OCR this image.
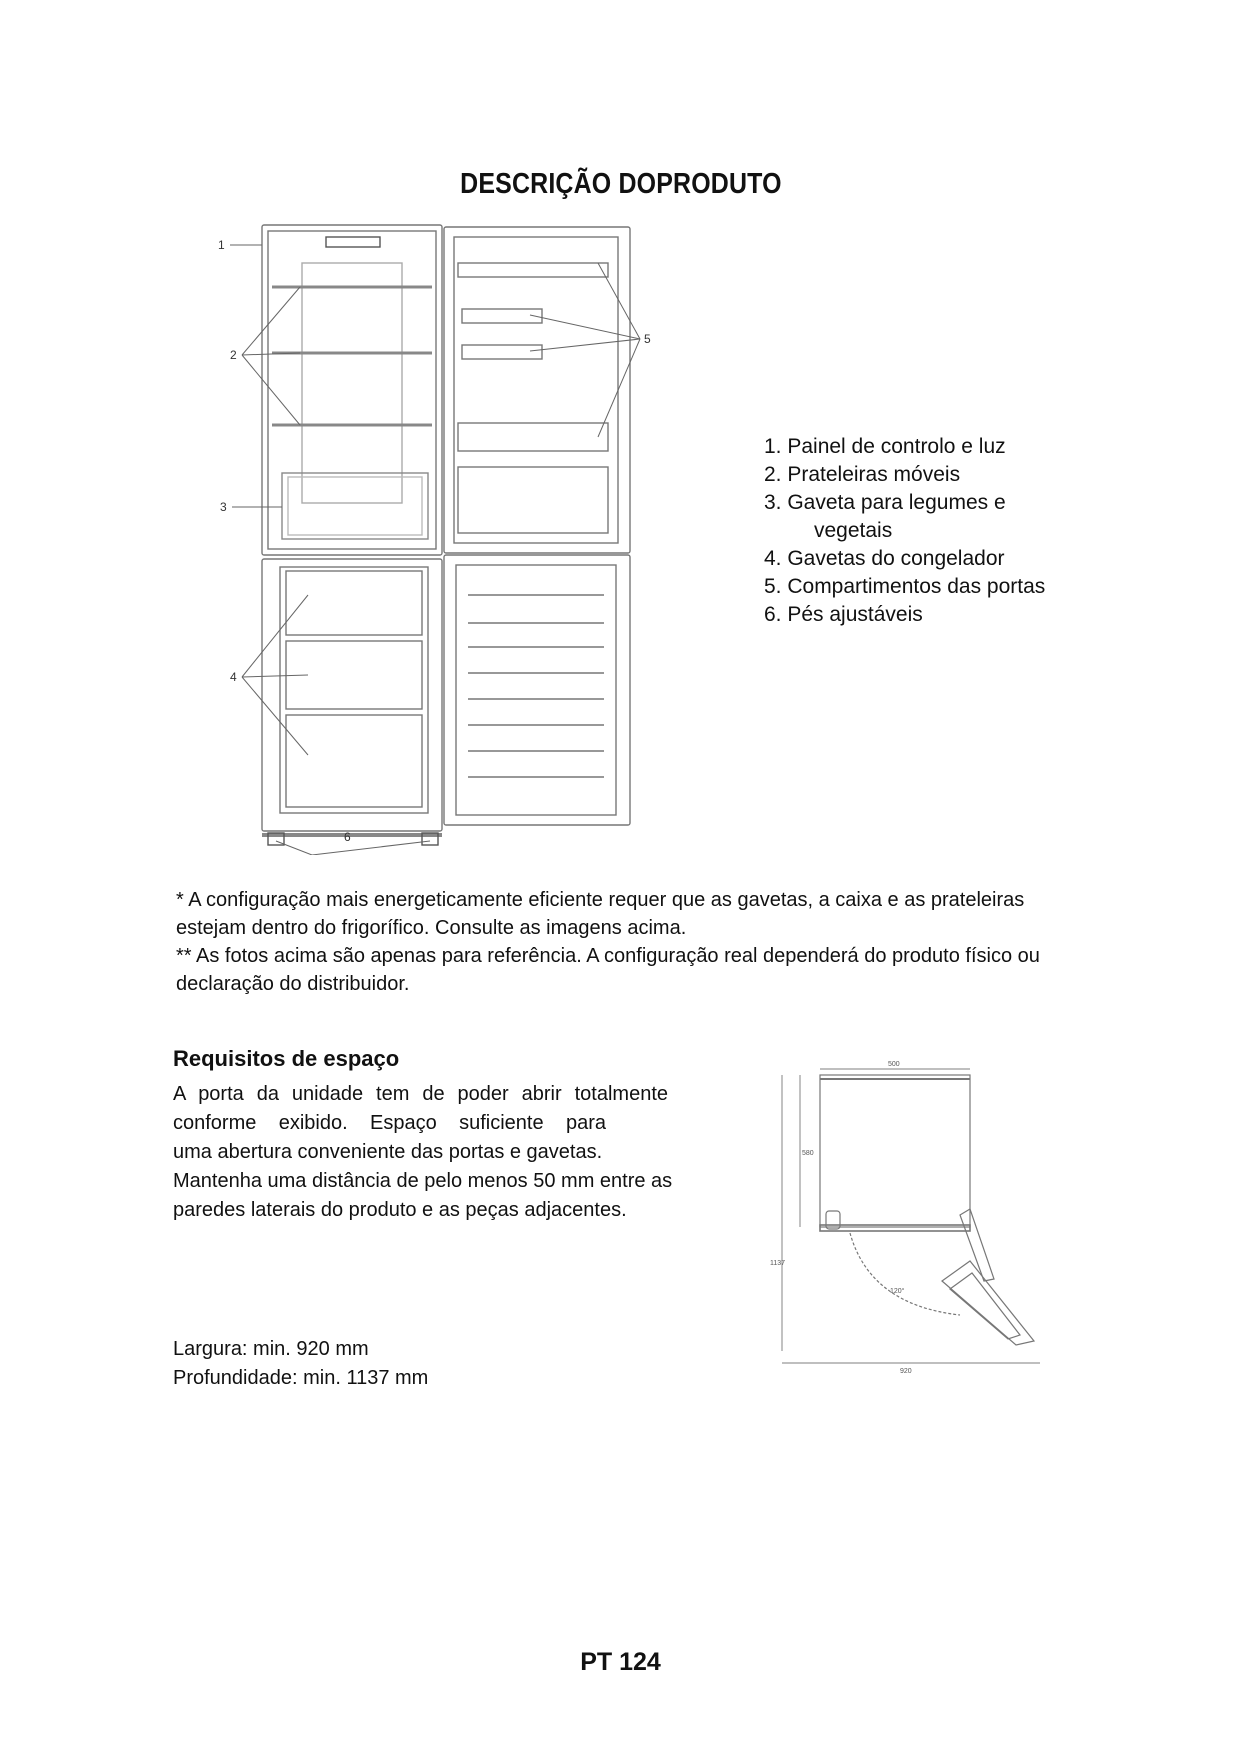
DESCRIÇÃO DOPRODUTO
1
2
3
4
5
6
1. Painel de controlo e luz
2. Prateleiras móveis
3. Gaveta para legumes e
vegetais
4. Gavetas do congelador
5. Compartimentos das portas
6. Pés ajustáveis

* A configuração mais energeticamente eficiente requer que as gavetas, a caixa e as prateleiras estejam dentro do frigorífico. Consulte as imagens acima.

** As fotos acima são apenas para referência. A configuração real dependerá do produto físico ou declaração do distribuidor.

Requisitos de espaço

A porta da unidade tem de poder abrir totalmente

conforme exibido. Espaço suficiente para

uma abertura conveniente das portas e gavetas.

Mantenha uma distância de pelo menos 50 mm entre as

paredes laterais do produto e as peças adjacentes.

Largura: min. 920 mm

Profundidade: min. 1137 mm

500
580
1137
120°
920
PT 124
